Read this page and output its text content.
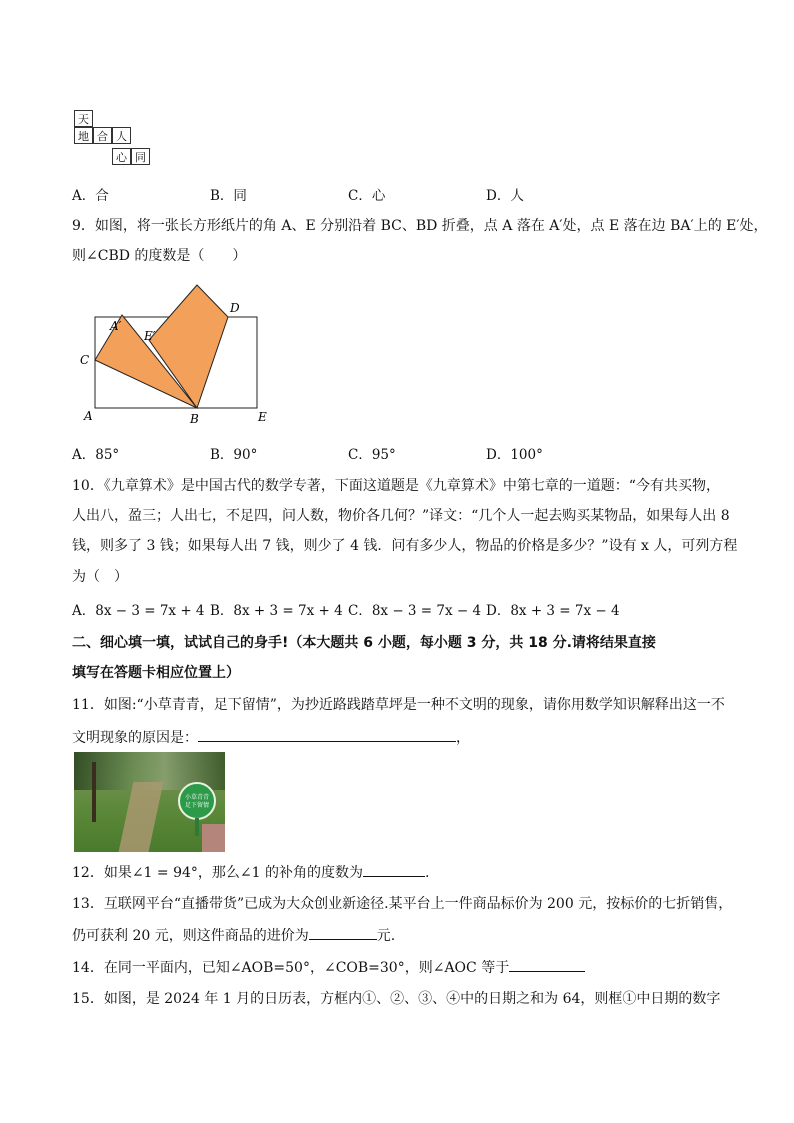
天
地 合 人
心 同
A．合	B．同	C．心	D．人
9．如图，将一张长方形纸片的角 A、E 分别沿着 BC、BD 折叠，点 A 落在 A′处，点 E 落在边 BA′上的 E′处，
则∠CBD 的度数是（　　）
A′
E′
C
D
A	B	E
A．85°	B．90°	C．95°	D．100°
10．《九章算术》是中国古代的数学专著，下面这道题是《九章算术》中第七章的一道题：“今有共买物，
人出八，盈三；人出七，不足四，问人数，物价各几何？”译文：“几个人一起去购买某物品，如果每人出 8
钱，则多了 3 钱；如果每人出 7 钱，则少了 4 钱．问有多少人，物品的价格是多少？”设有 x 人，可列方程
为（　）
A．8x − 3 = 7x + 4 B．8x + 3 = 7x + 4 C．8x − 3 = 7x − 4 D．8x + 3 = 7x − 4
二、细心填一填，试试自己的身手!（本大题共 6 小题，每小题 3 分，共 18 分.请将结果直接
填写在答题卡相应位置上）
11．如图:“小草青青，足下留情”，为抄近路践踏草坪是一种不文明的现象，请你用数学知识解释出这一不
文明现象的原因是：	，
小草青青
足下留情
12．如果∠1 = 94°，那么∠1 的补角的度数为	.
13．互联网平台“直播带货”已成为大众创业新途径.某平台上一件商品标价为 200 元，按标价的七折销售，
仍可获利 20 元，则这件商品的进价为	元.
14．在同一平面内，已知∠AOB=50°，∠COB=30°，则∠AOC 等于
15．如图，是 2024 年 1 月的日历表，方框内①、②、③、④中的日期之和为 64，则框①中日期的数字
